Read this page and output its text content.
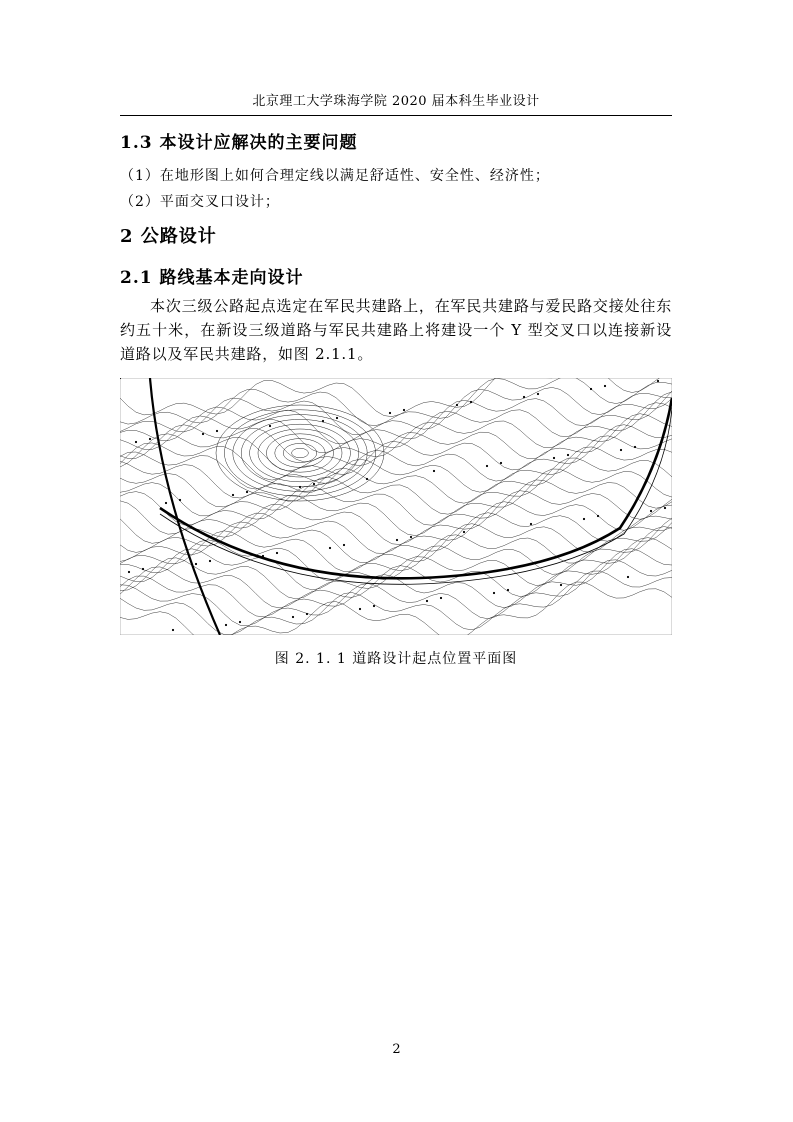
北京理工大学珠海学院 2020 届本科生毕业设计
1.3 本设计应解决的主要问题
（1）在地形图上如何合理定线以满足舒适性、安全性、经济性；
（2）平面交叉口设计；
2 公路设计
2.1 路线基本走向设计
本次三级公路起点选定在军民共建路上，在军民共建路与爱民路交接处往东约五十米，在新设三级道路与军民共建路上将建设一个 Y 型交叉口以连接新设道路以及军民共建路，如图 2.1.1。
图 2. 1. 1 道路设计起点位置平面图
2
